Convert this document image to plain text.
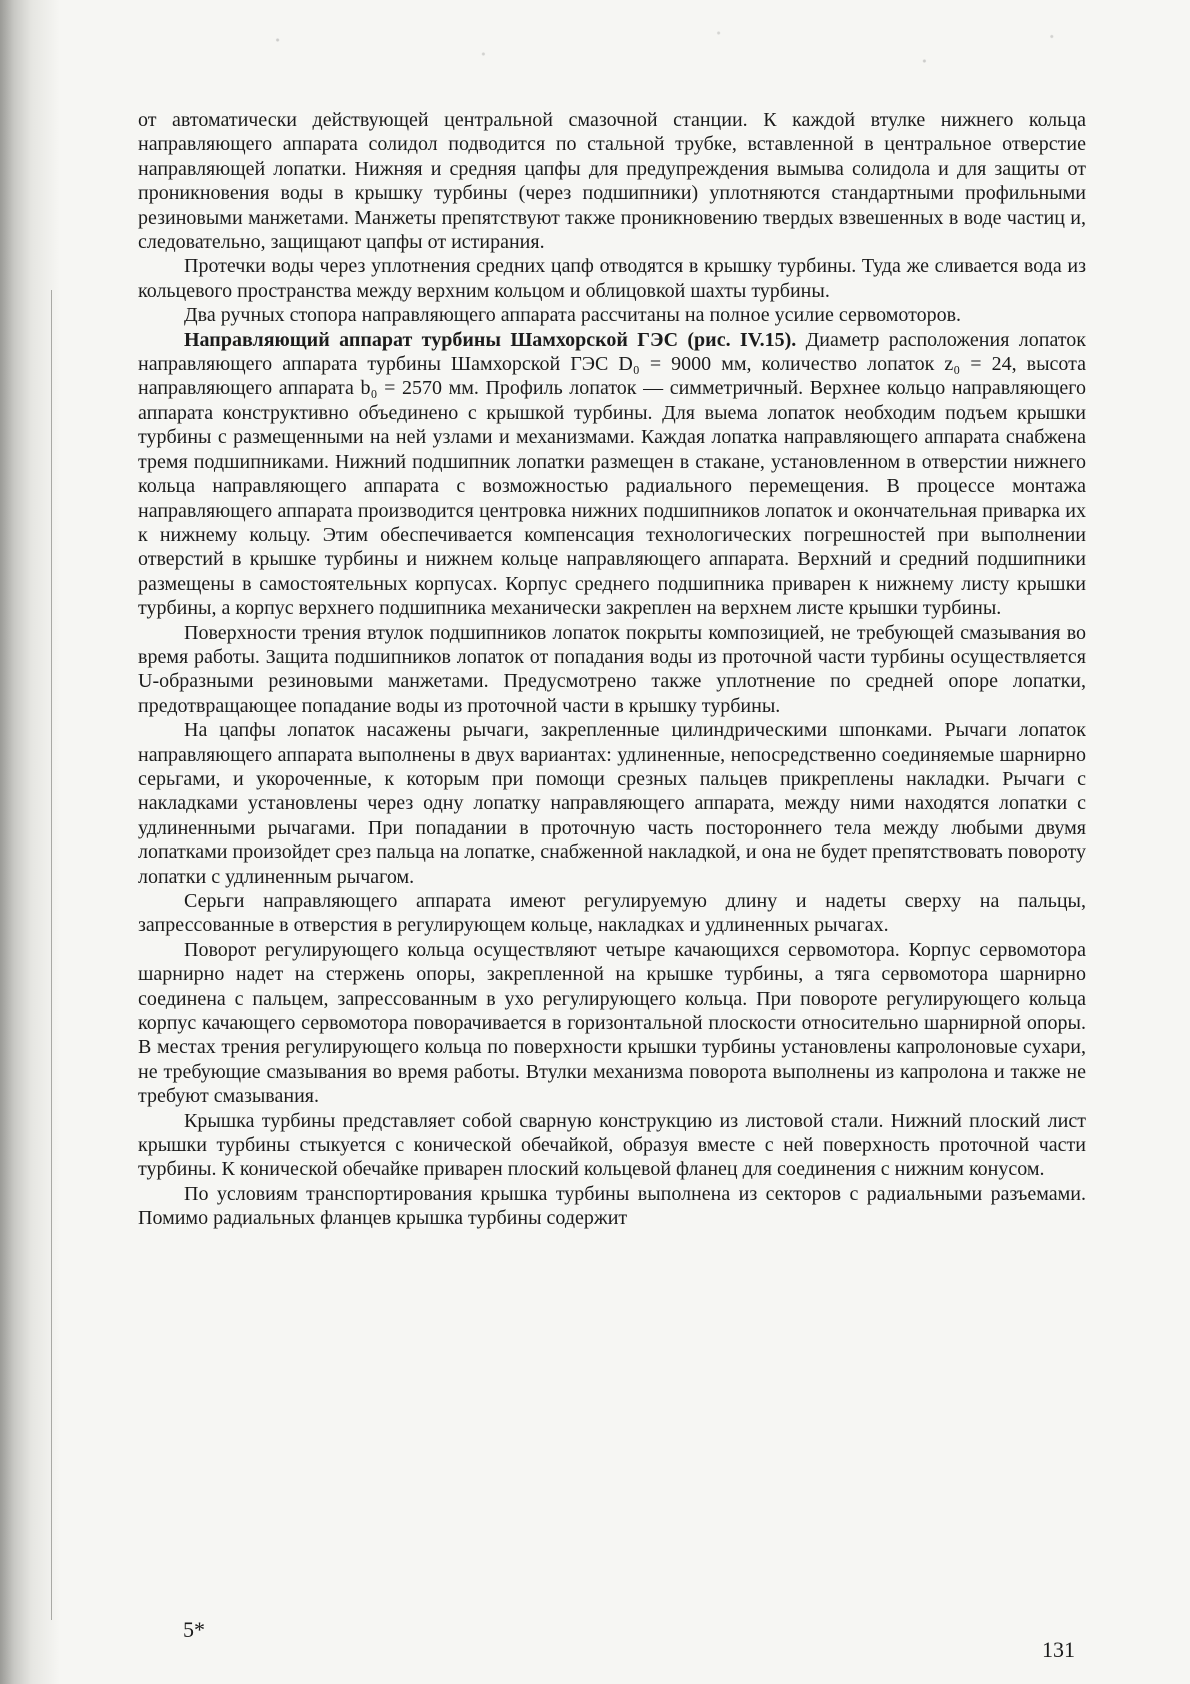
от автоматически действующей центральной смазочной станции. К каждой втулке нижнего кольца направляющего аппарата солидол подводится по стальной трубке, вставленной в центральное отверстие направляющей лопатки. Нижняя и средняя цапфы для предупреждения вымыва солидола и для защиты от проникновения воды в крышку турбины (через подшипники) уплотняются стандартными профильными резиновыми манжетами. Манжеты препятствуют также проникновению твердых взвешенных в воде частиц и, следовательно, защищают цапфы от истирания.

Протечки воды через уплотнения средних цапф отводятся в крышку турбины. Туда же сливается вода из кольцевого пространства между верхним кольцом и облицовкой шахты турбины.

Два ручных стопора направляющего аппарата рассчитаны на полное усилие сервомоторов.

Направляющий аппарат турбины Шамхорской ГЭС (рис. IV.15). Диаметр расположения лопаток направляющего аппарата турбины Шамхорской ГЭС D₀ = 9000 мм, количество лопаток z₀ = 24, высота направляющего аппарата b₀ = 2570 мм. Профиль лопаток — симметричный. Верхнее кольцо направляющего аппарата конструктивно объединено с крышкой турбины. Для выема лопаток необходим подъем крышки турбины с размещенными на ней узлами и механизмами. Каждая лопатка направляющего аппарата снабжена тремя подшипниками. Нижний подшипник лопатки размещен в стакане, установленном в отверстии нижнего кольца направляющего аппарата с возможностью радиального перемещения. В процессе монтажа направляющего аппарата производится центровка нижних подшипников лопаток и окончательная приварка их к нижнему кольцу. Этим обеспечивается компенсация технологических погрешностей при выполнении отверстий в крышке турбины и нижнем кольце направляющего аппарата. Верхний и средний подшипники размещены в самостоятельных корпусах. Корпус среднего подшипника приварен к нижнему листу крышки турбины, а корпус верхнего подшипника механически закреплен на верхнем листе крышки турбины.

Поверхности трения втулок подшипников лопаток покрыты композицией, не требующей смазывания во время работы. Защита подшипников лопаток от попадания воды из проточной части турбины осуществляется U-образными резиновыми манжетами. Предусмотрено также уплотнение по средней опоре лопатки, предотвращающее попадание воды из проточной части в крышку турбины.

На цапфы лопаток насажены рычаги, закрепленные цилиндрическими шпонками. Рычаги лопаток направляющего аппарата выполнены в двух вариантах: удлиненные, непосредственно соединяемые шарнирно серьгами, и укороченные, к которым при помощи срезных пальцев прикреплены накладки. Рычаги с накладками установлены через одну лопатку направляющего аппарата, между ними находятся лопатки с удлиненными рычагами. При попадании в проточную часть постороннего тела между любыми двумя лопатками произойдет срез пальца на лопатке, снабженной накладкой, и она не будет препятствовать повороту лопатки с удлиненным рычагом.

Серьги направляющего аппарата имеют регулируемую длину и надеты сверху на пальцы, запрессованные в отверстия в регулирующем кольце, накладках и удлиненных рычагах.

Поворот регулирующего кольца осуществляют четыре качающихся сервомотора. Корпус сервомотора шарнирно надет на стержень опоры, закрепленной на крышке турбины, а тяга сервомотора шарнирно соединена с пальцем, запрессованным в ухо регулирующего кольца. При повороте регулирующего кольца корпус качающего сервомотора поворачивается в горизонтальной плоскости относительно шарнирной опоры. В местах трения регулирующего кольца по поверхности крышки турбины установлены капролоновые сухари, не требующие смазывания во время работы. Втулки механизма поворота выполнены из капролона и также не требуют смазывания.

Крышка турбины представляет собой сварную конструкцию из листовой стали. Нижний плоский лист крышки турбины стыкуется с конической обечайкой, образуя вместе с ней поверхность проточной части турбины. К конической обечайке приварен плоский кольцевой фланец для соединения с нижним конусом.

По условиям транспортирования крышка турбины выполнена из секторов с радиальными разъемами. Помимо радиальных фланцев крышка турбины содержит

5*
131
